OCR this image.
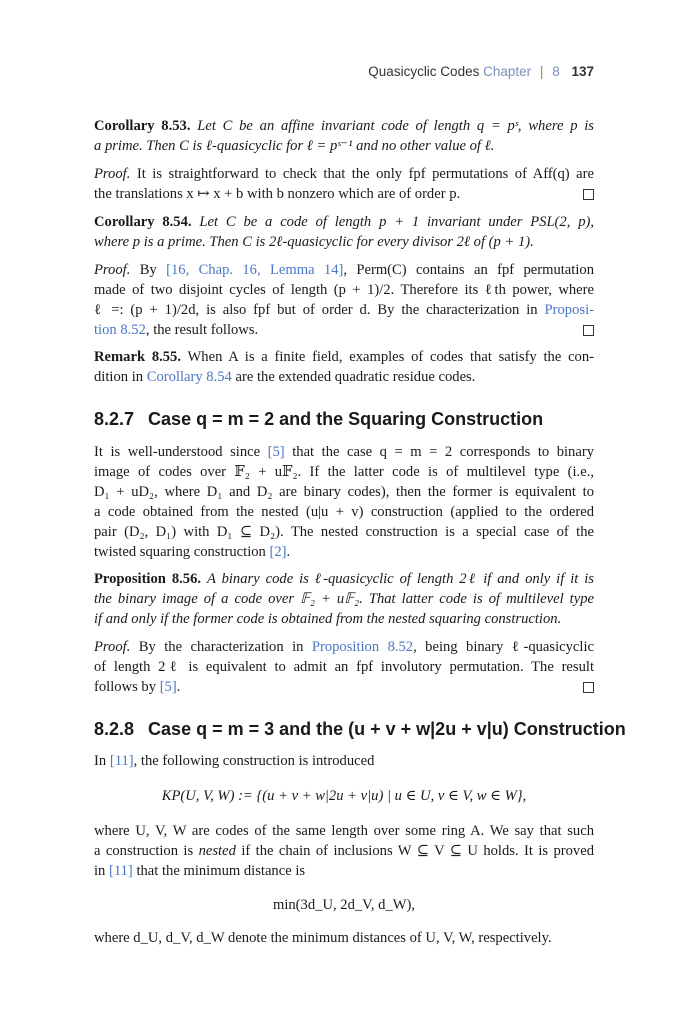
Quasicyclic Codes Chapter | 8 137
Corollary 8.53. Let C be an affine invariant code of length q = pˢ, where p is
a prime. Then C is ℓ-quasicyclic for ℓ = pˢ⁻¹ and no other value of ℓ.
Proof. It is straightforward to check that the only fpf permutations of Aff(q) are
the translations x ↦ x + b with b nonzero which are of order p.
Corollary 8.54. Let C be a code of length p + 1 invariant under PSL(2, p),
where p is a prime. Then C is 2ℓ-quasicyclic for every divisor 2ℓ of (p + 1).
Proof. By [16, Chap. 16, Lemma 14], Perm(C) contains an fpf permutation
made of two disjoint cycles of length (p + 1)/2. Therefore its ℓth power, where
ℓ =: (p + 1)/2d, is also fpf but of order d. By the characterization in Proposi-
tion 8.52, the result follows.
Remark 8.55. When A is a finite field, examples of codes that satisfy the con-
dition in Corollary 8.54 are the extended quadratic residue codes.
8.2.7 Case q = m = 2 and the Squaring Construction
It is well-understood since [5] that the case q = m = 2 corresponds to binary
image of codes over 𝔽₂ + u𝔽₂. If the latter code is of multilevel type (i.e.,
D₁ + uD₂, where D₁ and D₂ are binary codes), then the former is equivalent to
a code obtained from the nested (u|u + v) construction (applied to the ordered
pair (D₂, D₁) with D₁ ⊆ D₂). The nested construction is a special case of the
twisted squaring construction [2].
Proposition 8.56. A binary code is ℓ-quasicyclic of length 2ℓ if and only if it is
the binary image of a code over 𝔽₂ + u𝔽₂. That latter code is of multilevel type
if and only if the former code is obtained from the nested squaring construction.
Proof. By the characterization in Proposition 8.52, being binary ℓ-quasicyclic
of length 2ℓ is equivalent to admit an fpf involutory permutation. The result
follows by [5].
8.2.8 Case q = m = 3 and the (u + v + w|2u + v|u) Construction
In [11], the following construction is introduced
KP(U, V, W) := {(u + v + w|2u + v|u) | u ∈ U, v ∈ V, w ∈ W},
where U, V, W are codes of the same length over some ring A. We say that such
a construction is nested if the chain of inclusions W ⊆ V ⊆ U holds. It is proved
in [11] that the minimum distance is
min(3d_U, 2d_V, d_W),
where d_U, d_V, d_W denote the minimum distances of U, V, W, respectively.
